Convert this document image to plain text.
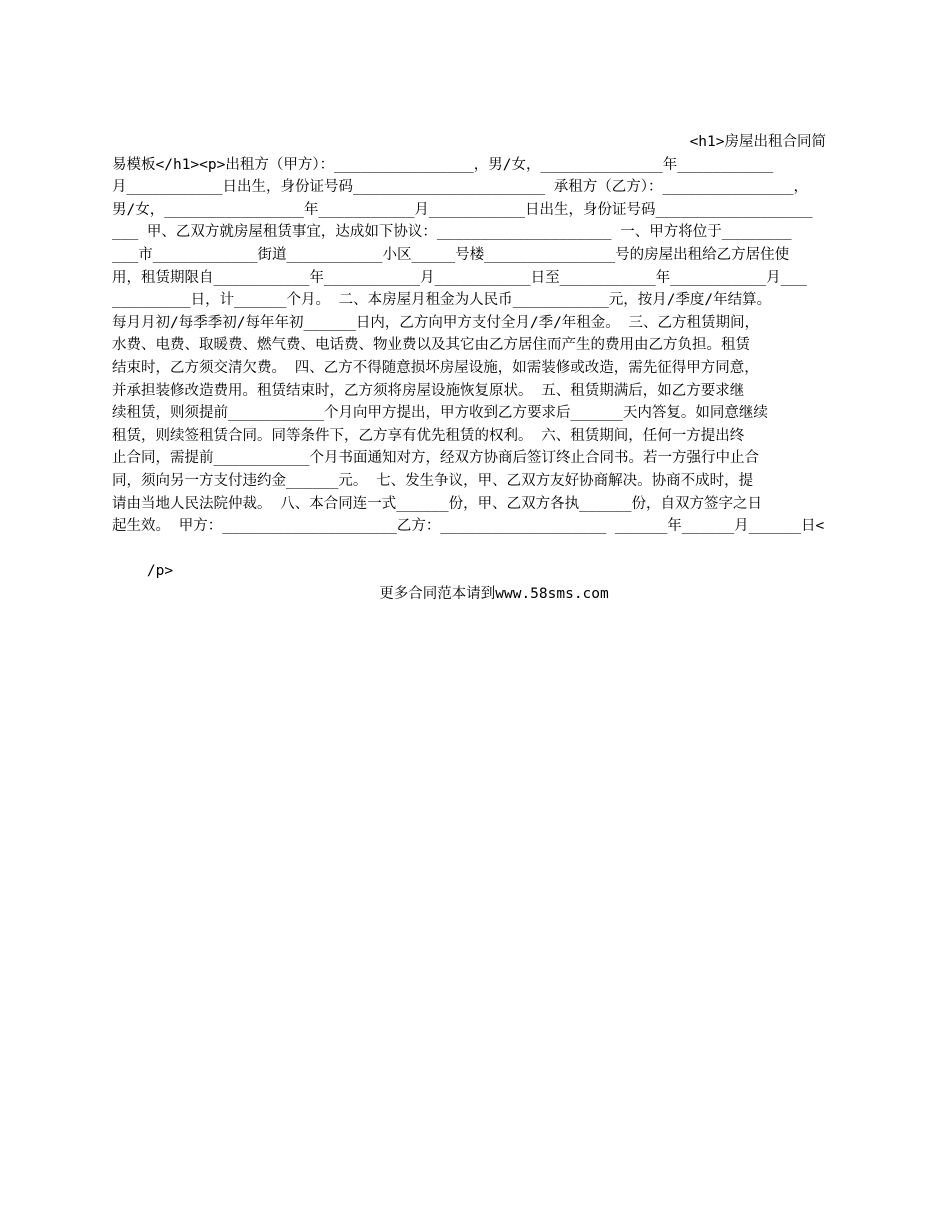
<h1>房屋出租合同简
易模板</h1><p>出租方（甲方）：________________，男/女，______________年___________
月___________日出生，身份证号码______________________ 承租方（乙方）：_______________，
男/女，________________年___________月___________日出生，身份证号码__________________
___ 甲、乙双方就房屋租赁事宜，达成如下协议：____________________ 一、甲方将位于________
___市____________街道___________小区_____号楼_______________号的房屋出租给乙方居住使
用，租赁期限自___________年___________月___________日至___________年___________月___
_________日，计______个月。 二、本房屋月租金为人民币___________元，按月/季度/年结算。
每月月初/每季季初/每年年初______日内，乙方向甲方支付全月/季/年租金。 三、乙方租赁期间，
水费、电费、取暖费、燃气费、电话费、物业费以及其它由乙方居住而产生的费用由乙方负担。租赁
结束时，乙方须交清欠费。 四、乙方不得随意损坏房屋设施，如需装修或改造，需先征得甲方同意，
并承担装修改造费用。租赁结束时，乙方须将房屋设施恢复原状。 五、租赁期满后，如乙方要求继
续租赁，则须提前___________个月向甲方提出，甲方收到乙方要求后______天内答复。如同意继续
租赁，则续签租赁合同。同等条件下，乙方享有优先租赁的权利。 六、租赁期间，任何一方提出终
止合同，需提前___________个月书面通知对方，经双方协商后签订终止合同书。若一方强行中止合
同，须向另一方支付违约金______元。 七、发生争议，甲、乙双方友好协商解决。协商不成时，提
请由当地人民法院仲裁。 八、本合同连一式______份，甲、乙双方各执______份，自双方签字之日
起生效。 甲方：____________________乙方：___________________ ______年______月______日<

/p>

更多合同范本请到www.58sms.com
